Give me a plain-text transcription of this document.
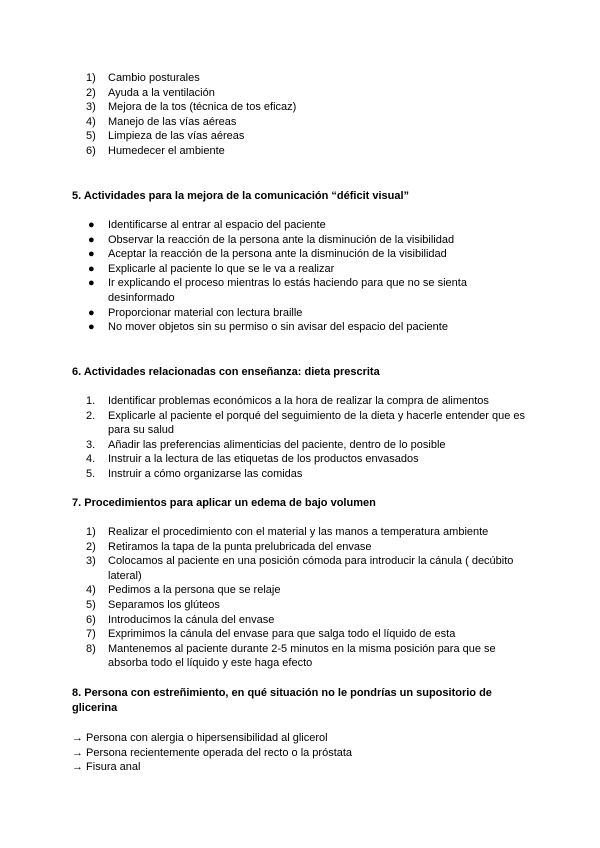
1)	Cambio posturales
2)	Ayuda a la ventilación
3)	Mejora de la tos (técnica de tos eficaz)
4)	Manejo de las vías aéreas
5)	Limpieza de las vías aéreas
6)	Humedecer el ambiente
5. Actividades para la mejora de la comunicación “déficit visual”
●	Identificarse al entrar al espacio del paciente
●	Observar la reacción de la persona ante la disminución de la visibilidad
●	Aceptar la reacción de la persona ante la disminución de la visibilidad
●	Explicarle al paciente lo que se le va a realizar
●	Ir explicando el proceso mientras lo estás haciendo para que no se sienta desinformado
●	Proporcionar material con lectura braille
●	No mover objetos sin su permiso o sin avisar del espacio del paciente
6. Actividades relacionadas con enseñanza: dieta prescrita
1.	Identificar problemas económicos a la hora de realizar la compra de alimentos
2.	Explicarle al paciente el porqué del seguimiento de la dieta y hacerle entender que es para su salud
3.	Añadir las preferencias alimenticias del paciente, dentro de lo posible
4.	Instruir a la lectura de las etiquetas de los productos envasados
5.	Instruir a cómo organizarse las comidas
7. Procedimientos para aplicar un edema de bajo volumen
1)	Realizar el procedimiento con el material y las manos a temperatura ambiente
2)	Retiramos la tapa de la punta prelubricada del envase
3)	Colocamos al paciente en una posición cómoda para introducir la cánula ( decúbito lateral)
4)	Pedimos a la persona que se relaje
5)	Separamos los glúteos
6)	Introducimos la cánula del envase
7)	Exprimimos la cánula del envase para que salga todo el líquido de esta
8)	Mantenemos al paciente durante 2-5 minutos en la misma posición para que se absorba todo el líquido y este haga efecto
8. Persona con estreñimiento, en qué situación no le pondrías un supositorio de glicerina
→ Persona con alergia o hipersensibilidad al glicerol
→ Persona recientemente operada del recto o la próstata
→ Fisura anal
